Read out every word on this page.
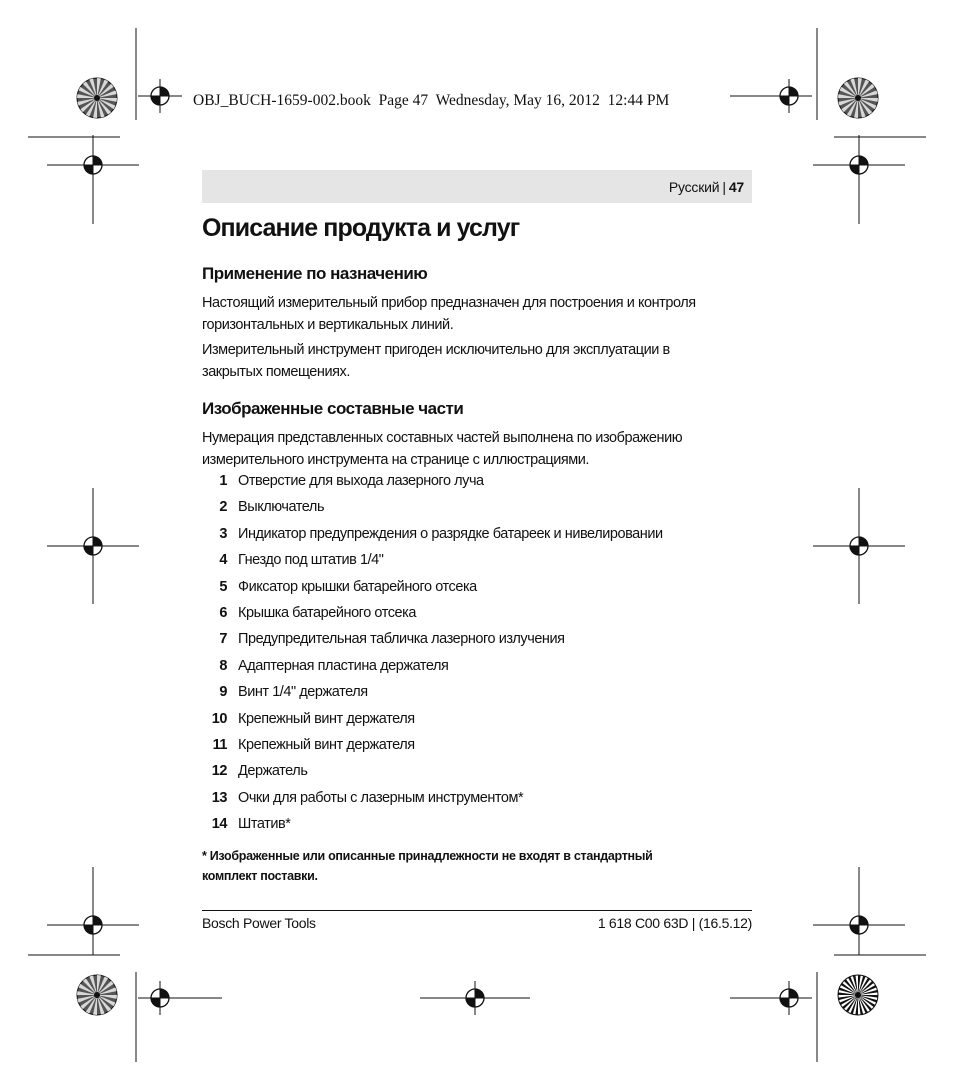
OBJ_BUCH-1659-002.book Page 47 Wednesday, May 16, 2012 12:44 PM
Русский | 47
Описание продукта и услуг
Применение по назначению

Настоящий измерительный прибор предназначен для построения и контроля

горизонтальных и вертикальных линий.

Измерительный инструмент пригоден исключительно для эксплуатации в

закрытых помещениях.

Изображенные составные части

Нумерация представленных составных частей выполнена по изображению

измерительного инструмента на странице с иллюстрациями.

1 Отверстие для выхода лазерного луча
2 Выключатель
3 Индикатор предупреждения о разрядке батареек и нивелировании
4 Гнездо под штатив 1/4"
5 Фиксатор крышки батарейного отсека
6 Крышка батарейного отсека
7 Предупредительная табличка лазерного излучения
8 Адаптерная пластина держателя
9 Винт 1/4" держателя
10 Крепежный винт держателя
11 Крепежный винт держателя
12 Держатель
13 Очки для работы с лазерным инструментом*
14 Штатив*
* Изображенные или описанные принадлежности не входят в стандартный
комплект поставки.
Bosch Power Tools	1 618 C00 63D | (16.5.12)
